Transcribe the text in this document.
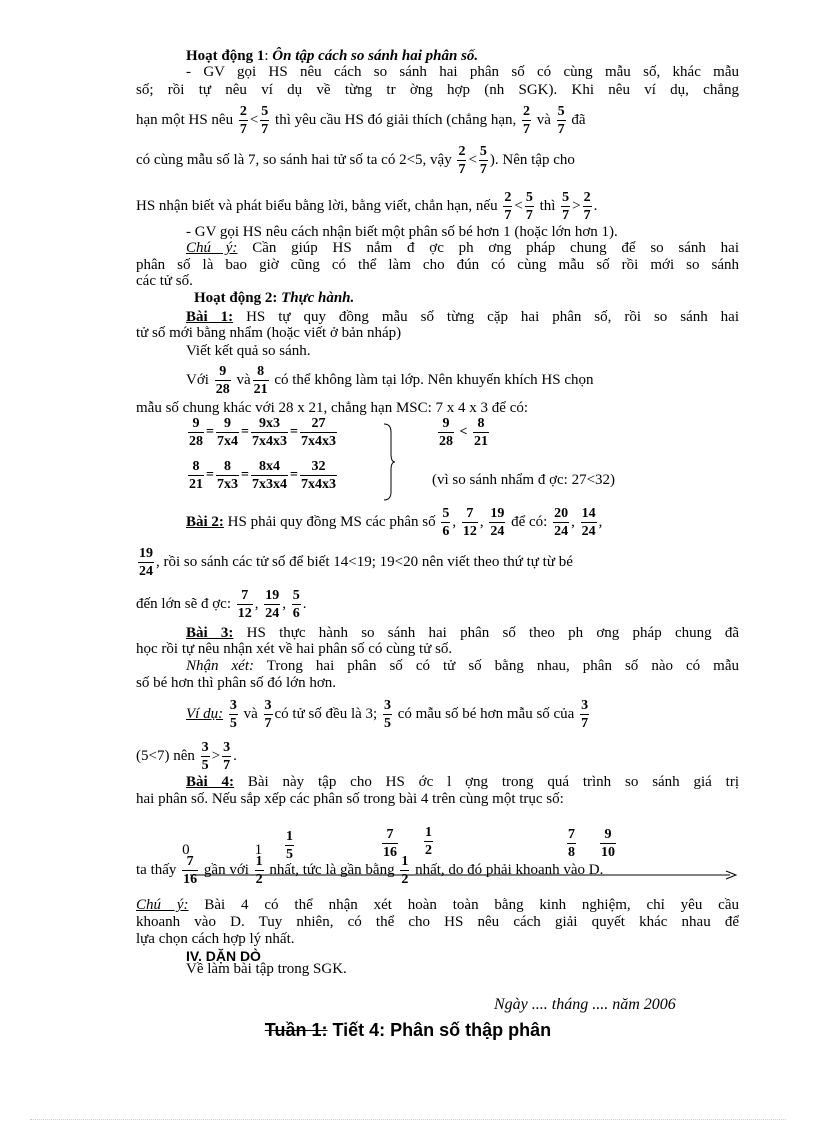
Hoạt động 1: Ôn tập cách so sánh hai phân số.
- GV gọi HS nêu cách so sánh hai phân số có cùng mẫu số, khác mẫu
số; rồi tự nêu ví dụ về từng tr ờng hợp (nh SGK). Khi nêu ví dụ, chẳng
hạn một HS nêu $\frac{2}{7} < \frac{5}{7}$ thì yêu cầu HS đó giải thích (chẳng hạn, $\frac{2}{7}$ và $\frac{5}{7}$ đã
có cùng mẫu số là 7, so sánh hai tử số ta có 2<5, vậy $\frac{2}{7} < \frac{5}{7}$ ). Nên tập cho
HS nhận biết và phát biểu bằng lời, bằng viết, chẳn hạn, nếu $\frac{2}{7} < \frac{5}{7}$ thì $\frac{5}{7} > \frac{2}{7}$ .
- GV gọi HS nêu cách nhận biết một phân số bé hơn 1 (hoặc lớn hơn 1).
Chú ý: Cần giúp HS nắm đ ợc ph ơng pháp chung để so sánh hai
phân số là bao giờ cũng có thể làm cho đún có cùng mẫu số rồi mới so sánh
các tử số.
Hoạt động 2: Thực hành.
Bài 1: HS tự quy đồng mẫu số từng cặp hai phân số, rồi so sánh hai
tử số mới bằng nhẩm (hoặc viết ở bản nháp)
Viết kết quả so sánh.
Với $\frac{9}{28}$ và $\frac{8}{21}$ có thể không làm tại lớp. Nên khuyến khích HS chọn
mẫu số chung khác với 28 x 21, chẳng hạn MSC: 7 x 4 x 3 để có:
$\frac{9}{28} = \frac{9}{7x4} = \frac{9x3}{7x4x3} = \frac{27}{7x4x3}$
$\frac{8}{21} = \frac{8}{7x3} = \frac{8x4}{7x3x4} = \frac{32}{7x4x3}$
$\frac{9}{28} < \frac{8}{21}$
(vì so sánh nhẩm đ ợc: 27<32)
Bài 2: HS phải quy đồng MS các phân số $\frac{5}{6}$ , $\frac{7}{12}$ , $\frac{19}{24}$ để có: $\frac{20}{24}$ , $\frac{14}{24}$ ,
$\frac{19}{24}$ , rồi so sánh các tử số để biết 14<19; 19<20 nên viết theo thứ tự từ bé
đến lớn sẽ đ ợc: $\frac{7}{12}$ , $\frac{19}{24}$ , $\frac{5}{6}$ .
Bài 3: HS thực hành so sánh hai phân số theo ph ơng pháp chung đã
học rồi tự nêu nhận xét về hai phân số có cùng tử số.
Nhận xét: Trong hai phân số có tử số bằng nhau, phân số nào có mẫu
số bé hơn thì phân số đó lớn hơn.
Ví dụ: $\frac{3}{5}$ và $\frac{3}{7}$ có tử số đều là 3; $\frac{3}{5}$ có mẫu số bé hơn mẫu số của $\frac{3}{7}$
(5<7) nên $\frac{3}{5} > \frac{3}{7}$ .
Bài 4: Bài này tập cho HS ớc l ợng trong quá trình so sánh giá trị
hai phân số. Nếu sắp xếp các phân số trong bài 4 trên cùng một trục số:
1
5
7
16
1
2
7
8
9
10
ta thấy
0
$\frac{7}{16}$ gần với
1
$\frac{1}{2}$ nhất, tức là gần bằng $\frac{1}{2}$ nhất, do đó phải khoanh vào D.
Chú ý: Bài 4 có thể nhận xét hoàn toàn bằng kinh nghiệm, chỉ yêu cầu
khoanh vào D. Tuy nhiên, có thể cho HS nêu cách giải quyết khác nhau để
lựa chọn cách hợp lý nhất.
IV. DẶN DÒ
Về làm bài tập trong SGK.
Ngày .... tháng .... năm 2006
Tuần 1: Tiết 4: Phân số thập phân
